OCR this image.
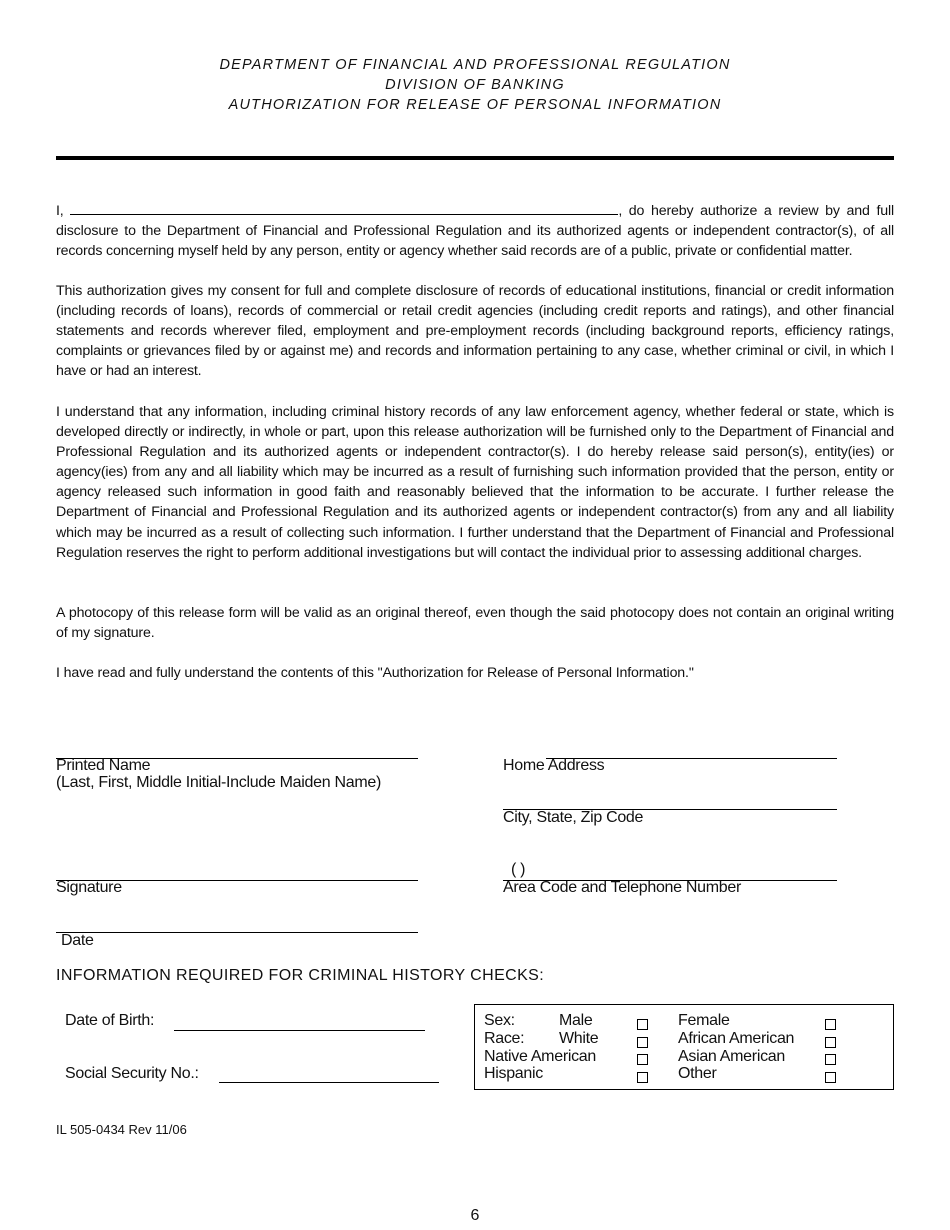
DEPARTMENT OF FINANCIAL AND PROFESSIONAL REGULATION
DIVISION OF BANKING
AUTHORIZATION FOR RELEASE OF PERSONAL INFORMATION
I,	, do hereby authorize a review by and full disclosure to the Department of Financial and Professional Regulation and its authorized agents or independent contractor(s), of all records concerning myself held by any person, entity or agency whether said records are of a public, private or confidential matter.
This authorization gives my consent for full and complete disclosure of records of educational institutions, financial or credit information (including records of loans), records of commercial or retail credit agencies (including credit reports and ratings), and other financial statements and records wherever filed, employment and pre-employment records (including background reports, efficiency ratings, complaints or grievances filed by or against me) and records and information pertaining to any case, whether criminal or civil, in which I have or had an interest.
I understand that any information, including criminal history records of any law enforcement agency, whether federal or state, which is developed directly or indirectly, in whole or part, upon this release authorization will be furnished only to the Department of Financial and Professional Regulation and its authorized agents or independent contractor(s). I do hereby release said person(s), entity(ies) or agency(ies) from any and all liability which may be incurred as a result of furnishing such information provided that the person, entity or agency released such information in good faith and reasonably believed that the information to be accurate. I further release the Department of Financial and Professional Regulation and its authorized agents or independent contractor(s) from any and all liability which may be incurred as a result of collecting such information. I further understand that the Department of Financial and Professional Regulation reserves the right to perform additional investigations but will contact the individual prior to assessing additional charges.
A photocopy of this release form will be valid as an original thereof, even though the said photocopy does not contain an original writing of my signature.
I have read and fully understand the contents of this "Authorization for Release of Personal Information."
Printed Name
(Last, First, Middle Initial-Include Maiden Name)
Signature
Date
Home Address
City, State, Zip Code
( )
Area Code and Telephone Number
INFORMATION REQUIRED FOR CRIMINAL HISTORY CHECKS:
Date of Birth:
Social Security No.:
Sex:	Male	Female
Race: White	African American
Native American	Asian American
Hispanic	Other
IL 505-0434 Rev 11/06
6
